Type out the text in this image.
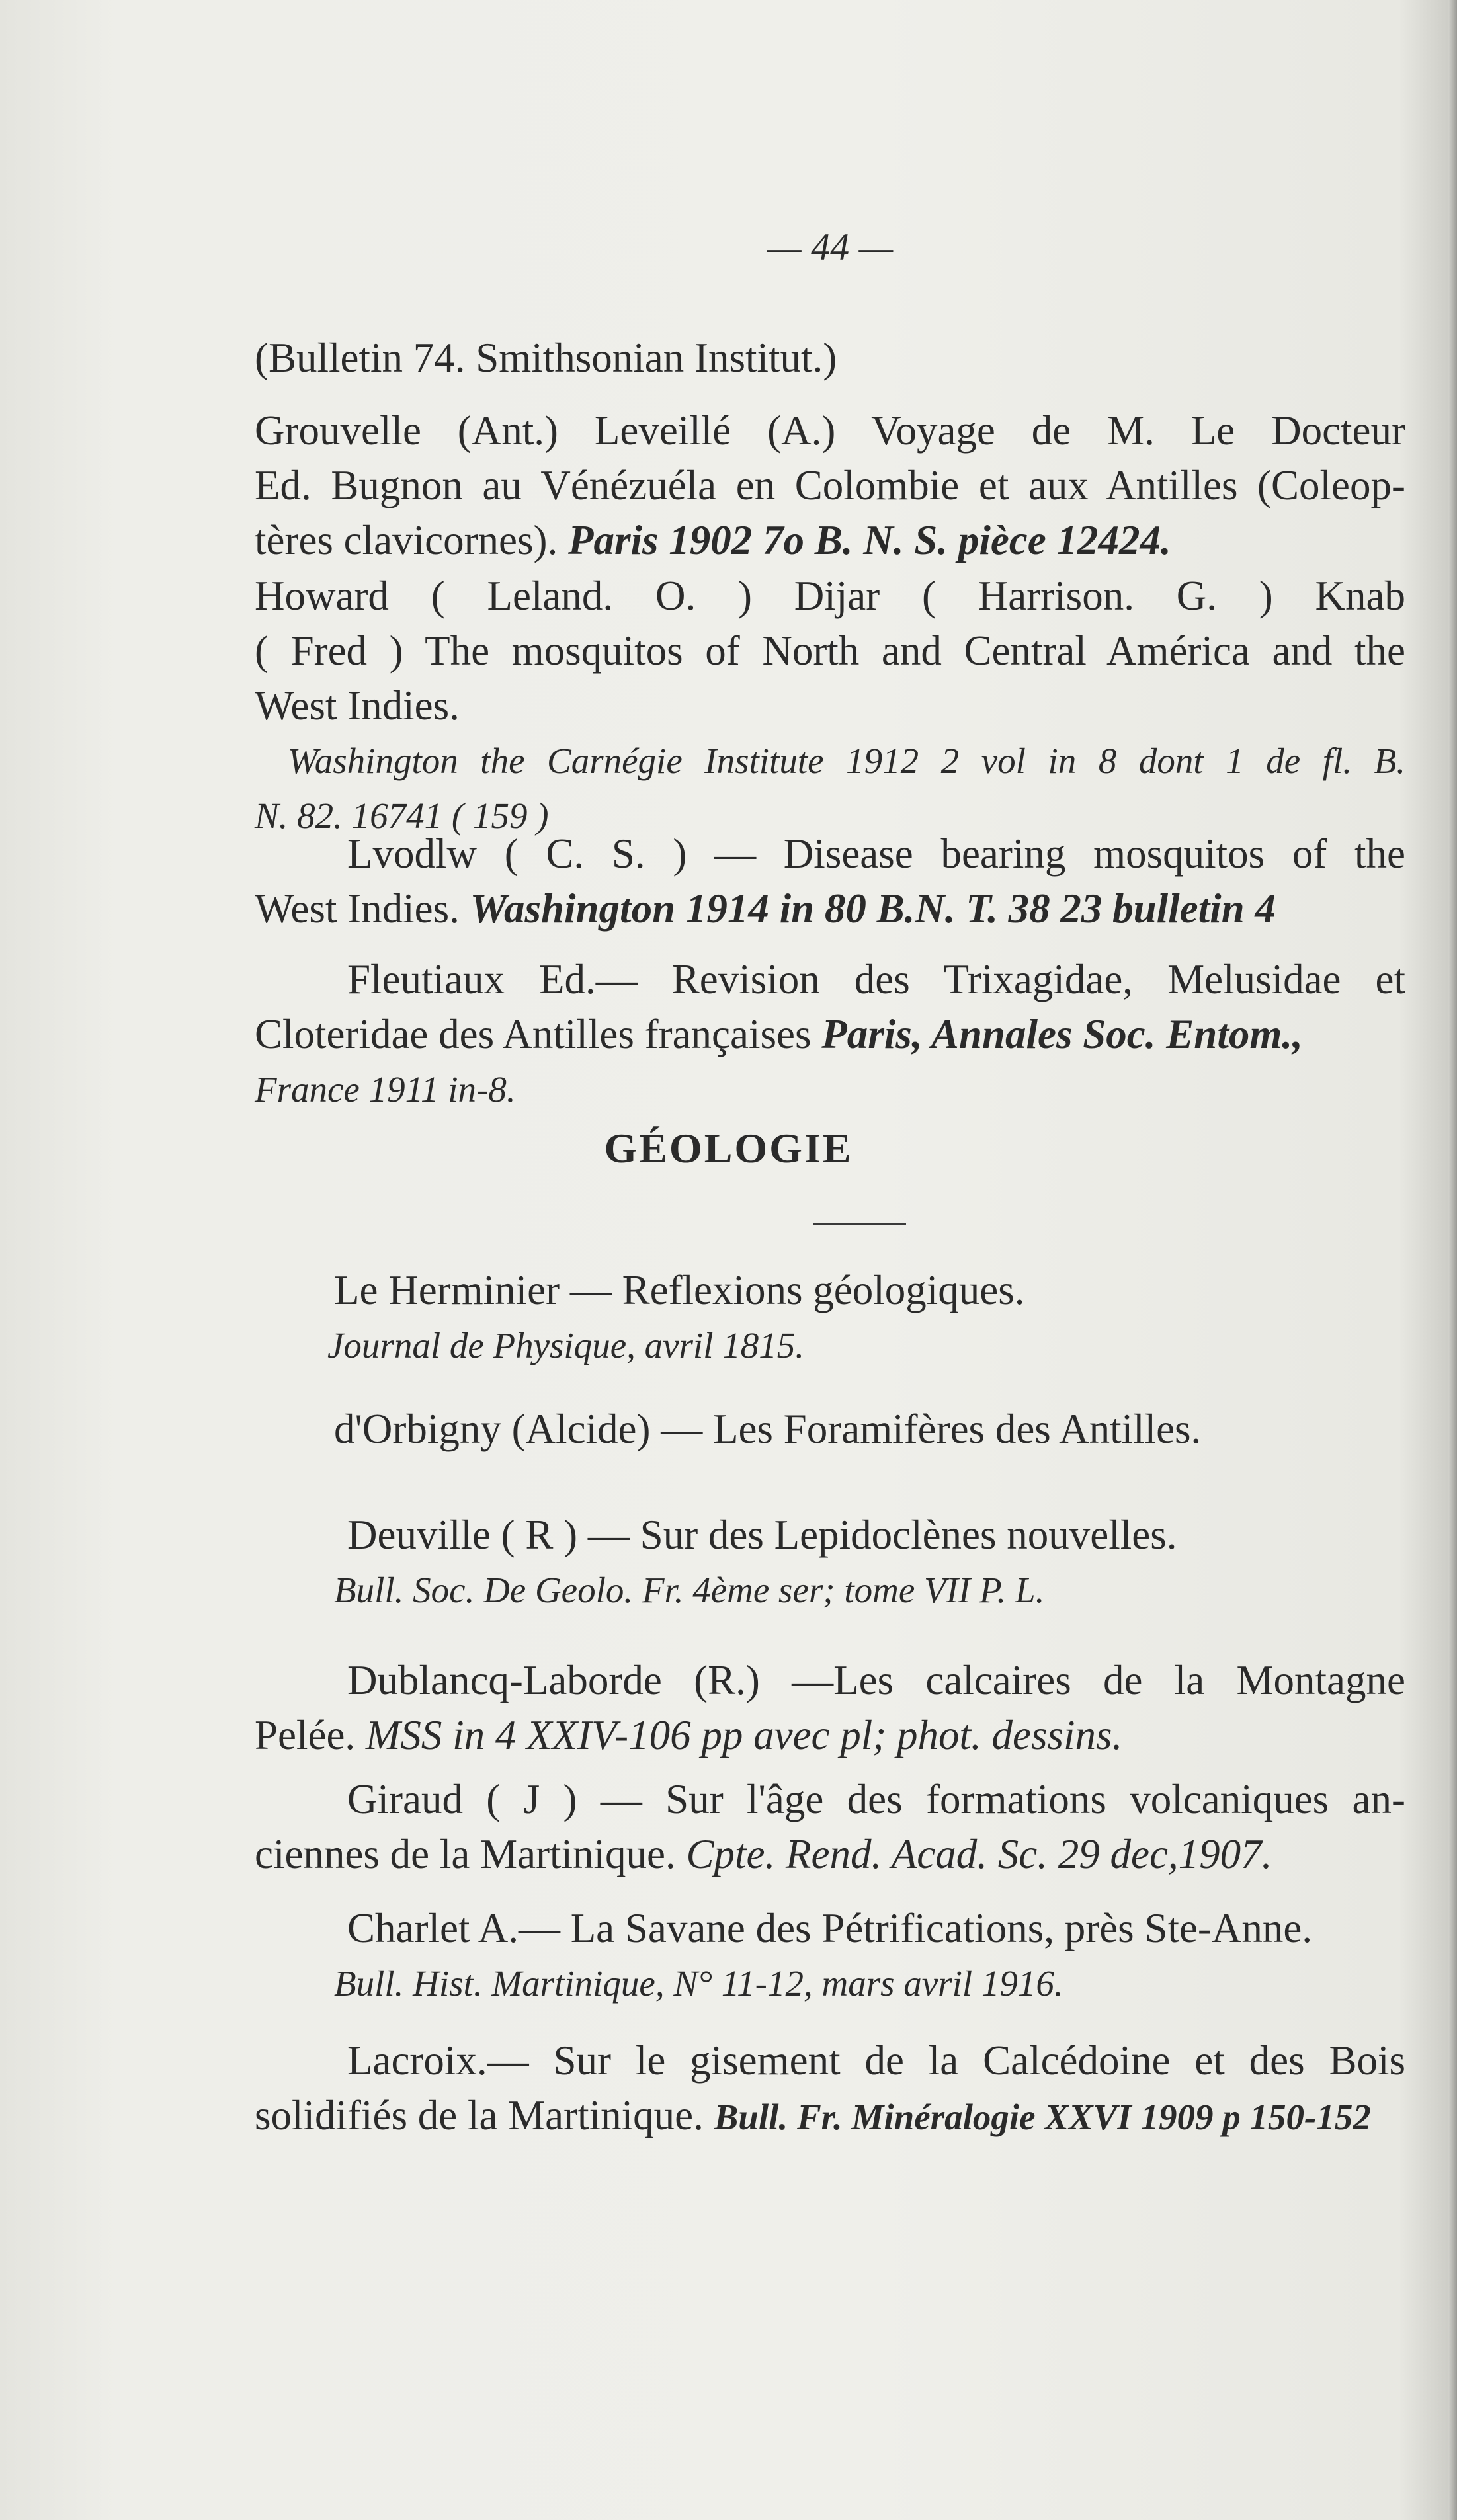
— 44 —

(Bulletin 74. Smithsonian Institut.)

Grouvelle (Ant.) Leveillé (A.) Voyage de M. Le Docteur
Ed. Bugnon au Vénézuéla en Colombie et aux Antilles (Coleop-
tères clavicornes). Paris 1902 7o B. N. S. pièce 12424.

Howard ( Leland. O. ) Dijar ( Harrison. G. ) Knab
( Fred ) The mosquitos of North and Central América and the
West Indies.
Washington the Carnégie Institute 1912 2 vol in 8 dont 1 de fl. B.
N. 82. 16741 ( 159 )

Lvodlw ( C. S. ) — Disease bearing mosquitos of the
West Indies. Washington 1914 in 80 B.N. T. 38 23 bulletin 4

Fleutiaux Ed.— Revision des Trixagidae, Melusidae et
Cloteridae des Antilles françaises Paris, Annales Soc. Entom.,
France 1911 in-8.

GÉOLOGIE

Le Herminier — Reflexions géologiques.
Journal de Physique, avril 1815.

d'Orbigny (Alcide) — Les Foramifères des Antilles.

Deuville ( R ) — Sur des Lepidoclènes nouvelles.
Bull. Soc. De Geolo. Fr. 4ème ser; tome VII P. L.

Dublancq-Laborde (R.) —Les calcaires de la Montagne
Pelée. MSS in 4 XXIV-106 pp avec pl; phot. dessins.

Giraud ( J ) — Sur l'âge des formations volcaniques an-
ciennes de la Martinique. Cpte. Rend. Acad. Sc. 29 dec,1907.

Charlet A.— La Savane des Pétrifications, près Ste-Anne.
Bull. Hist. Martinique, N° 11-12, mars avril 1916.

Lacroix.— Sur le gisement de la Calcédoine et des Bois
solidifiés de la Martinique. Bull. Fr. Minéralogie XXVI 1909 p 150-152
